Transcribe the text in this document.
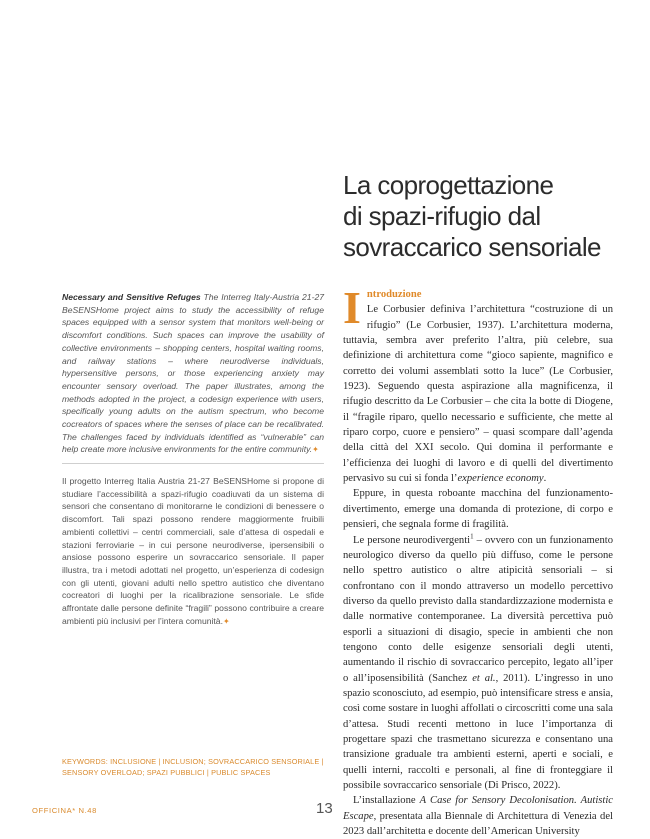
La coprogettazione
di spazi-rifugio dal
sovraccarico sensoriale

Necessary and Sensitive Refuges The Interreg Italy-Austria 21-27 BeSENSHome project aims to study the accessibility of refuge spaces equipped with a sensor system that monitors well-being or discomfort conditions. Such spaces can improve the usability of collective environments – shopping centers, hospital waiting rooms, and railway stations – where neurodiverse individuals, hypersensitive persons, or those experiencing anxiety may encounter sensory overload. The paper illustrates, among the methods adopted in the project, a codesign experience with users, specifically young adults on the autism spectrum, who become cocreators of spaces where the senses of place can be recalibrated. The challenges faced by individuals identified as “vulnerable” can help create more inclusive environments for the entire community.✦

Il progetto Interreg Italia Austria 21-27 BeSENSHome si propone di studiare l’accessibilità a spazi-rifugio coadiuvati da un sistema di sensori che consentano di monitorarne le condizioni di benessere o discomfort. Tali spazi possono rendere maggiormente fruibili ambienti collettivi – centri commerciali, sale d’attesa di ospedali e stazioni ferroviarie – in cui persone neurodiverse, ipersensibili o ansiose possono esperire un sovraccarico sensoriale. Il paper illustra, tra i metodi adottati nel progetto, un’esperienza di codesign con gli utenti, giovani adulti nello spettro autistico che diventano cocreatori di luoghi per la ricalibrazione sensoriale. Le sfide affrontate dalle persone definite “fragili” possono contribuire a creare ambienti più inclusivi per l’intera comunità.✦

KEYWORDS: INCLUSIONE | INCLUSION; SOVRACCARICO SENSORIALE | SENSORY OVERLOAD; SPAZI PUBBLICI | PUBLIC SPACES

I ntroduzione

Le Corbusier definiva l’architettura “costruzione di un rifugio” (Le Corbusier, 1937). L’architettura moderna, tuttavia, sembra aver preferito l’altra, più celebre, sua definizione di architettura come “gioco sapiente, magnifico e corretto dei volumi assemblati sotto la luce” (Le Corbusier, 1923). Seguendo questa aspirazione alla magnificenza, il rifugio descritto da Le Corbusier – che cita la botte di Diogene, il “fragile riparo, quello necessario e sufficiente, che mette al riparo corpo, cuore e pensiero” – quasi scompare dall’agenda della città del XXI secolo. Qui domina il performante e l’efficienza dei luoghi di lavoro e di quelli del divertimento pervasivo su cui si fonda l’experience economy.

Eppure, in questa roboante macchina del funzionamento-divertimento, emerge una domanda di protezione, di corpo e pensieri, che segnala forme di fragilità.

Le persone neurodivergenti$^1$ – ovvero con un funzionamento neurologico diverso da quello più diffuso, come le persone nello spettro autistico o altre atipicità sensoriali – si confrontano con il mondo attraverso un modello percettivo diverso da quello previsto dalla standardizzazione modernista e dalle normative contemporanee. La diversità percettiva può esporli a situazioni di disagio, specie in ambienti che non tengono conto delle esigenze sensoriali degli utenti, aumentando il rischio di sovraccarico percepito, legato all’iper o all’iposensibilità (Sanchez et al., 2011). L’ingresso in uno spazio sconosciuto, ad esempio, può intensificare stress e ansia, così come sostare in luoghi affollati o circoscritti come una sala d’attesa. Studi recenti mettono in luce l’importanza di progettare spazi che trasmettano sicurezza e consentano una transizione graduale tra ambienti esterni, aperti e sociali, e quelli interni, raccolti e personali, al fine di fronteggiare il possibile sovraccarico sensoriale (Di Prisco, 2022).

L’installazione A Case for Sensory Decolonisation. Autistic Escape, presentata alla Biennale di Architettura di Venezia del 2023 dall’architetta e docente dell’American University

OFFICINA* N.48	13
